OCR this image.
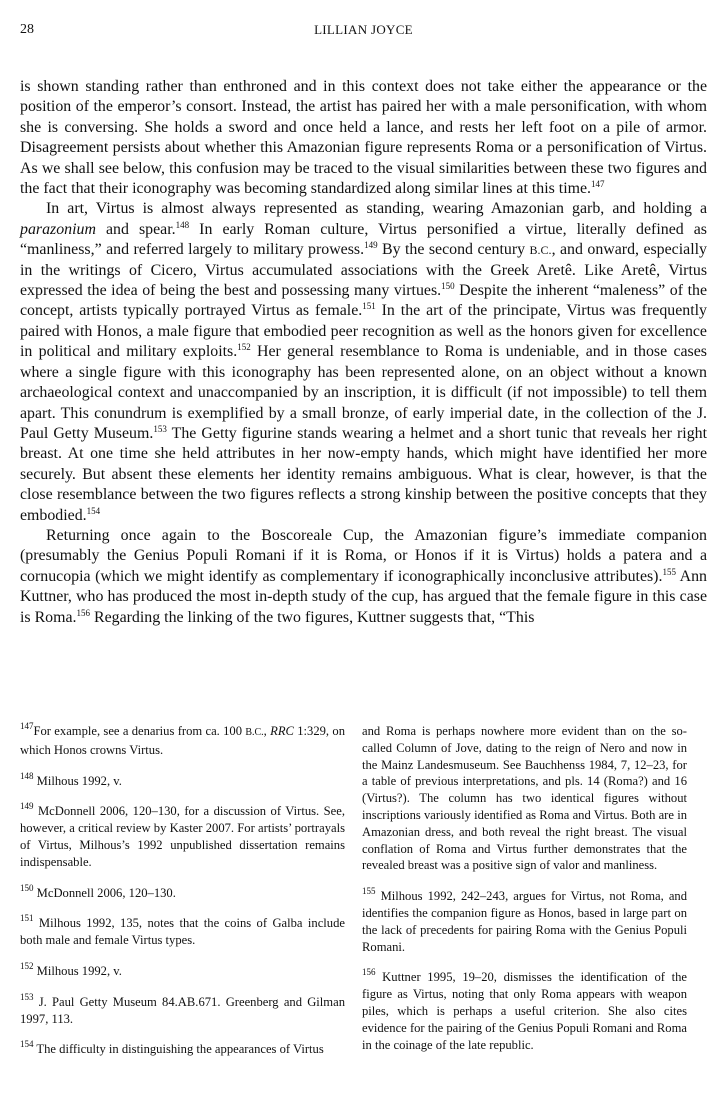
28	LILLIAN JOYCE

is shown standing rather than enthroned and in this context does not take either the appearance or the position of the emperor’s consort. Instead, the artist has paired her with a male personification, with whom she is conversing. She holds a sword and once held a lance, and rests her left foot on a pile of armor. Disagreement persists about whether this Amazonian figure represents Roma or a personification of Virtus. As we shall see below, this confusion may be traced to the visual similarities between these two figures and the fact that their iconography was becoming standardized along similar lines at this time.$^{147}$

In art, Virtus is almost always represented as standing, wearing Amazonian garb, and holding a parazonium and spear.$^{148}$ In early Roman culture, Virtus personified a virtue, literally defined as “manliness,” and referred largely to military prowess.$^{149}$ By the second century B.C., and onward, especially in the writings of Cicero, Virtus accumulated associations with the Greek Aretê. Like Aretê, Virtus expressed the idea of being the best and possessing many virtues.$^{150}$ Despite the inherent “maleness” of the concept, artists typically portrayed Virtus as female.$^{151}$ In the art of the principate, Virtus was frequently paired with Honos, a male figure that embodied peer recognition as well as the honors given for excellence in political and military exploits.$^{152}$ Her general resemblance to Roma is undeniable, and in those cases where a single figure with this iconography has been represented alone, on an object without a known archaeological context and unaccompanied by an inscription, it is difficult (if not impossible) to tell them apart. This conundrum is exemplified by a small bronze, of early imperial date, in the collection of the J. Paul Getty Museum.$^{153}$ The Getty figurine stands wearing a helmet and a short tunic that reveals her right breast. At one time she held attributes in her now-empty hands, which might have identified her more securely. But absent these elements her identity remains ambiguous. What is clear, however, is that the close resemblance between the two figures reflects a strong kinship between the positive concepts that they embodied.$^{154}$

Returning once again to the Boscoreale Cup, the Amazonian figure’s immediate companion (presumably the Genius Populi Romani if it is Roma, or Honos if it is Virtus) holds a patera and a cornucopia (which we might identify as complementary if iconographically inconclusive attributes).$^{155}$ Ann Kuttner, who has produced the most in-depth study of the cup, has argued that the female figure in this case is Roma.$^{156}$ Regarding the linking of the two figures, Kuttner suggests that, “This

$^{147}$For example, see a denarius from ca. 100 B.C., RRC 1:329, on which Honos crowns Virtus.

$^{148}$ Milhous 1992, v.

$^{149}$ McDonnell 2006, 120–130, for a discussion of Virtus. See, however, a critical review by Kaster 2007. For artists’ portrayals of Virtus, Milhous’s 1992 unpublished dissertation remains indispensable.

$^{150}$ McDonnell 2006, 120–130.

$^{151}$ Milhous 1992, 135, notes that the coins of Galba include both male and female Virtus types.

$^{152}$ Milhous 1992, v.

$^{153}$ J. Paul Getty Museum 84.AB.671. Greenberg and Gilman 1997, 113.

$^{154}$ The difficulty in distinguishing the appearances of Virtus

and Roma is perhaps nowhere more evident than on the so-called Column of Jove, dating to the reign of Nero and now in the Mainz Landesmuseum. See Bauchhenss 1984, 7, 12–23, for a table of previous interpretations, and pls. 14 (Roma?) and 16 (Virtus?). The column has two identical figures without inscriptions variously identified as Roma and Virtus. Both are in Amazonian dress, and both reveal the right breast. The visual conflation of Roma and Virtus further demonstrates that the revealed breast was a positive sign of valor and manliness.

$^{155}$ Milhous 1992, 242–243, argues for Virtus, not Roma, and identifies the companion figure as Honos, based in large part on the lack of precedents for pairing Roma with the Genius Populi Romani.

$^{156}$ Kuttner 1995, 19–20, dismisses the identification of the figure as Virtus, noting that only Roma appears with weapon piles, which is perhaps a useful criterion. She also cites evidence for the pairing of the Genius Populi Romani and Roma in the coinage of the late republic.
